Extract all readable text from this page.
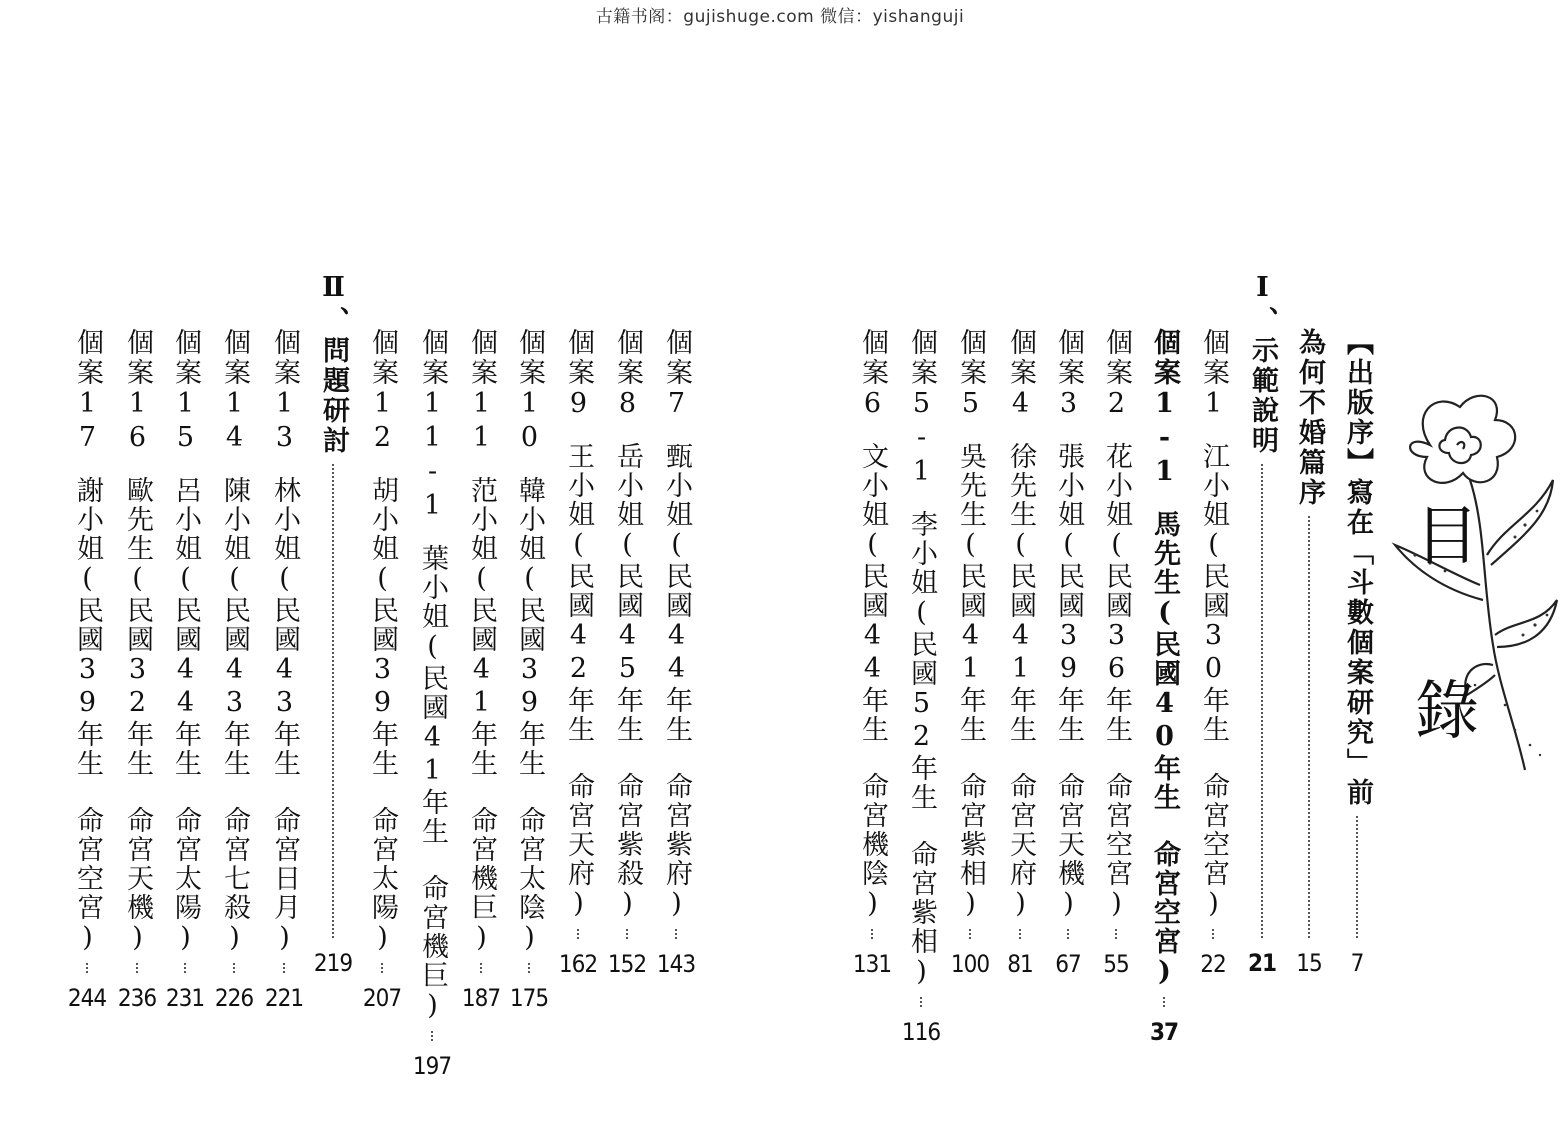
古籍书阁：gujishuge.com 微信：yishanguji
目
錄
【出版序】寫在「斗數個案研究」前
7
為何不婚篇序
15
Ⅰ、示範說明
21
個案1
江小姐(民國30年生
命宮空宮)
22
個案1-1
馬先生(民國40年生
命宮空宮)
37
個案2
花小姐(民國36年生
命宮空宮)
55
個案3
張小姐(民國39年生
命宮天機)
67
個案4
徐先生(民國41年生
命宮天府)
81
個案5
吳先生(民國41年生
命宮紫相)
100
個案5-1
李小姐(民國52年生
命宮紫相)
116
個案6
文小姐(民國44年生
命宮機陰)
131
個案7
甄小姐(民國44年生
命宮紫府)
143
個案8
岳小姐(民國45年生
命宮紫殺)
152
個案9
王小姐(民國42年生
命宮天府)
162
個案10
韓小姐(民國39年生
命宮太陰)
175
個案11
范小姐(民國41年生
命宮機巨)
187
個案11-1
葉小姐(民國41年生
命宮機巨)
197
個案12
胡小姐(民國39年生
命宮太陽)
207
Ⅱ、問題研討
219
個案13
林小姐(民國43年生
命宮日月)
221
個案14
陳小姐(民國43年生
命宮七殺)
226
個案15
呂小姐(民國44年生
命宮太陽)
231
個案16
歐先生(民國32年生
命宮天機)
236
個案17
謝小姐(民國39年生
命宮空宮)
244
